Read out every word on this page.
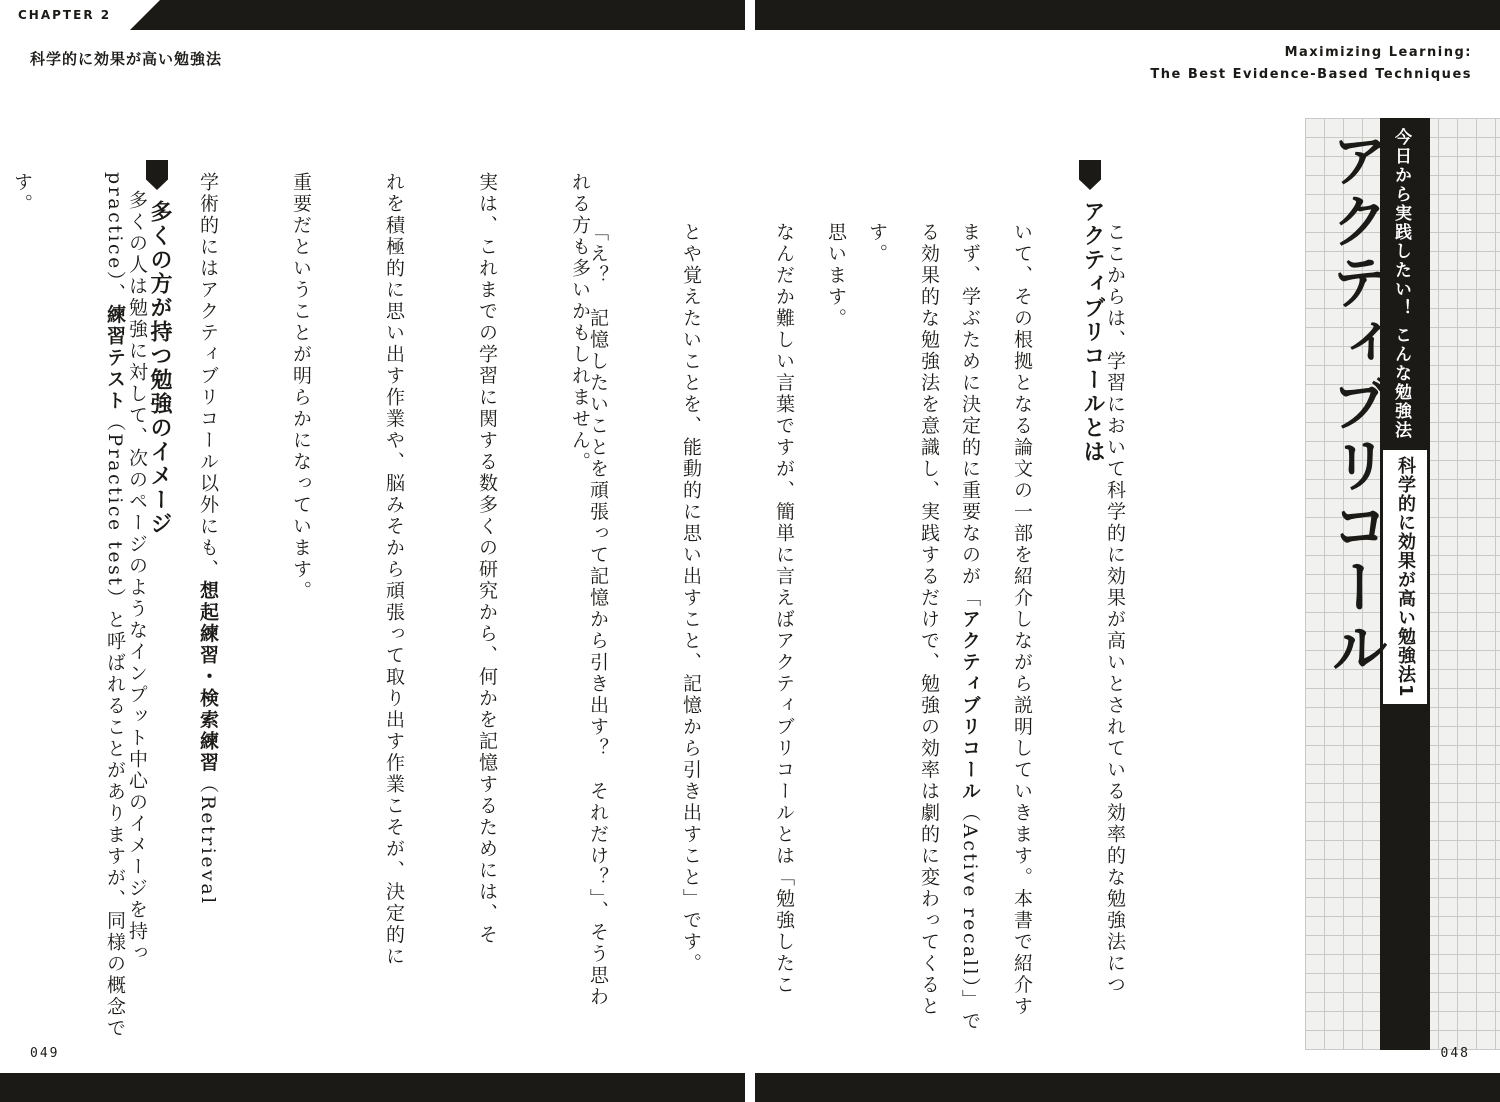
CHAPTER 2
科学的に効果が高い勉強法	Maximizing Learning:
The Best Evidence-Based Techniques
今日から実践したい！ こんな勉強法
科学的に効果が高い勉強法1
アクティブリコール

ここからは、学習において科学的に効果が高いとされている効率的な勉強法につ

いて、その根拠となる論文の一部を紹介しながら説明していきます。本書で紹介す

る効果的な勉強法を意識し、実践するだけで、勉強の効率は劇的に変わってくると

思います。	アクティブリコールとは

まず、学ぶために決定的に重要なのが「アクティブリコール（Active recall）」で

す。

なんだか難しい言葉ですが、簡単に言えばアクティブリコールとは「勉強したこ

とや覚えたいことを、能動的に思い出すこと、記憶から引き出すこと」です。

「え？　記憶したいことを頑張って記憶から引き出す？　それだけ？」、そう思わ

048

れる方も多いかもしれません。

実は、これまでの学習に関する数多くの研究から、何かを記憶するためには、そ

れを積極的に思い出す作業や、脳みそから頑張って取り出す作業こそが、決定的に

重要だということが明らかになっています。

学術的にはアクティブリコール以外にも、想起練習・検索練習（Retrieval

practice）、練習テスト（Practice test）と呼ばれることがありますが、同様の概念で

す。

多くの方が持つ勉強のイメージ

多くの人は勉強に対して、次のページのようなインプット中心のイメージを持っ

049
